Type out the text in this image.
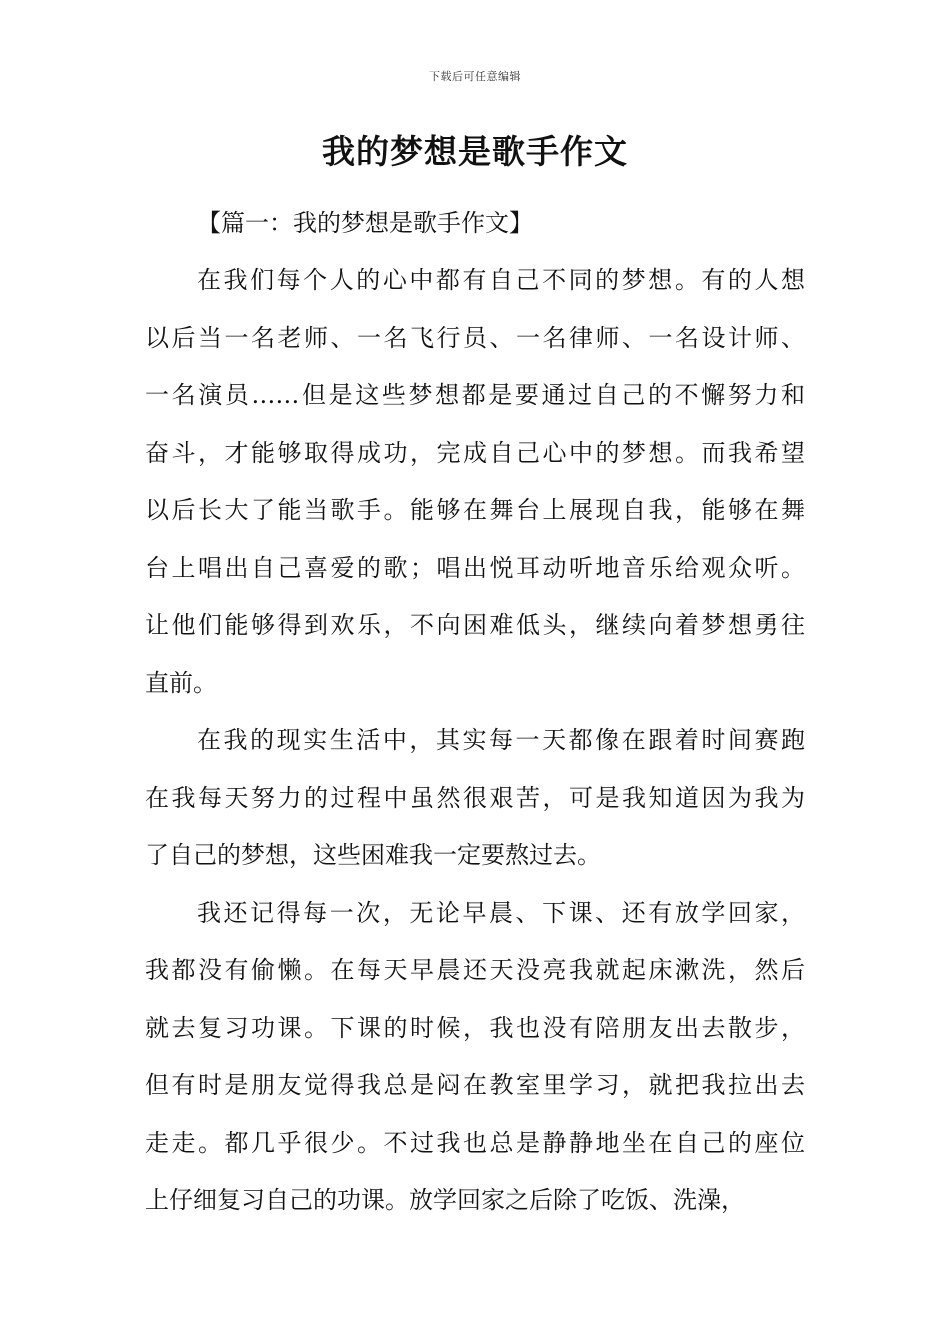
下载后可任意编辑
我的梦想是歌手作文
【篇一：我的梦想是歌手作文】
在我们每个人的心中都有自己不同的梦想。有的人想
以后当一名老师、一名飞行员、一名律师、一名设计师、
一名演员……但是这些梦想都是要通过自己的不懈努力和
奋斗，才能够取得成功，完成自己心中的梦想。而我希望
以后长大了能当歌手。能够在舞台上展现自我，能够在舞
台上唱出自己喜爱的歌；唱出悦耳动听地音乐给观众听。
让他们能够得到欢乐，不向困难低头，继续向着梦想勇往
直前。
在我的现实生活中，其实每一天都像在跟着时间赛跑
在我每天努力的过程中虽然很艰苦，可是我知道因为我为
了自己的梦想，这些困难我一定要熬过去。
我还记得每一次，无论早晨、下课、还有放学回家，
我都没有偷懒。在每天早晨还天没亮我就起床漱洗，然后
就去复习功课。下课的时候，我也没有陪朋友出去散步，
但有时是朋友觉得我总是闷在教室里学习，就把我拉出去
走走。都几乎很少。不过我也总是静静地坐在自己的座位
上仔细复习自己的功课。放学回家之后除了吃饭、洗澡，
